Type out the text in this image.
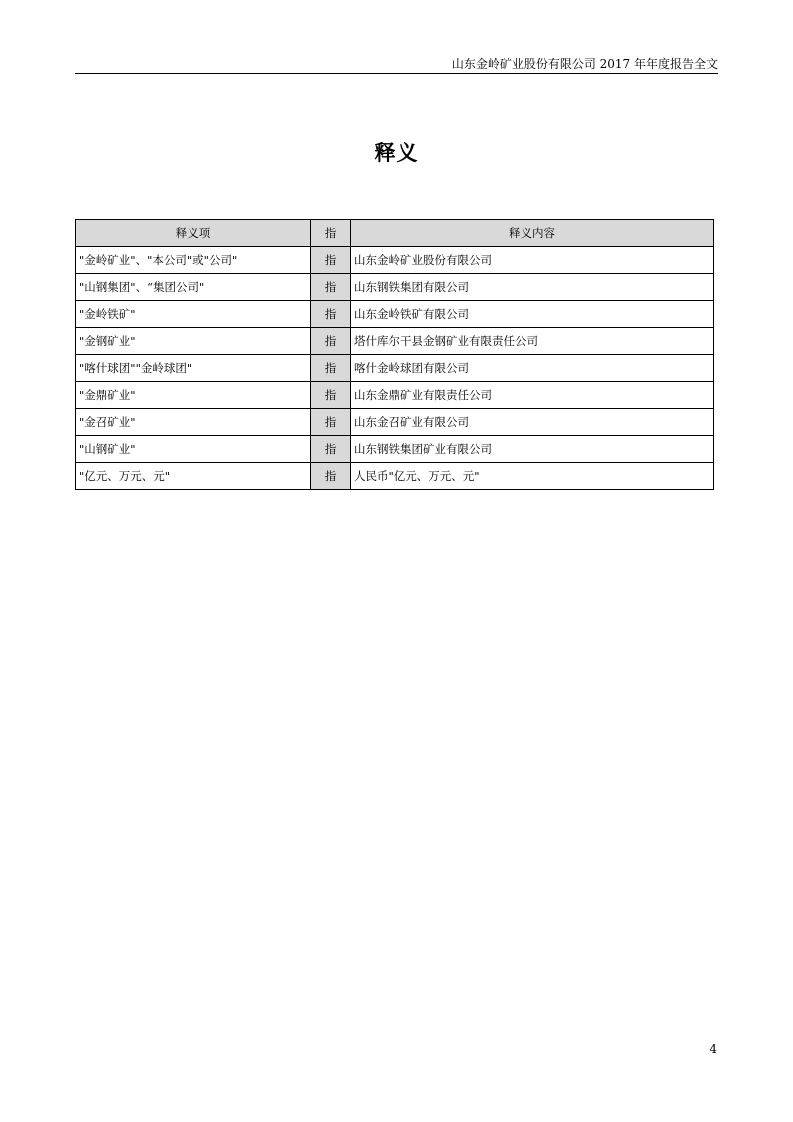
山东金岭矿业股份有限公司 2017 年年度报告全文
释义
释义项	指	释义内容
"金岭矿业"、"本公司"或"公司"	指	山东金岭矿业股份有限公司
"山钢集团"、“集团公司"	指	山东钢铁集团有限公司
"金岭铁矿"	指	山东金岭铁矿有限公司
"金钢矿业"	指	塔什库尔干县金钢矿业有限责任公司
"喀什球团""金岭球团"	指	喀什金岭球团有限公司
"金鼎矿业"	指	山东金鼎矿业有限责任公司
"金召矿业"	指	山东金召矿业有限公司
"山钢矿业"	指	山东钢铁集团矿业有限公司
"亿元、万元、元"	指	人民币"亿元、万元、元"
4
